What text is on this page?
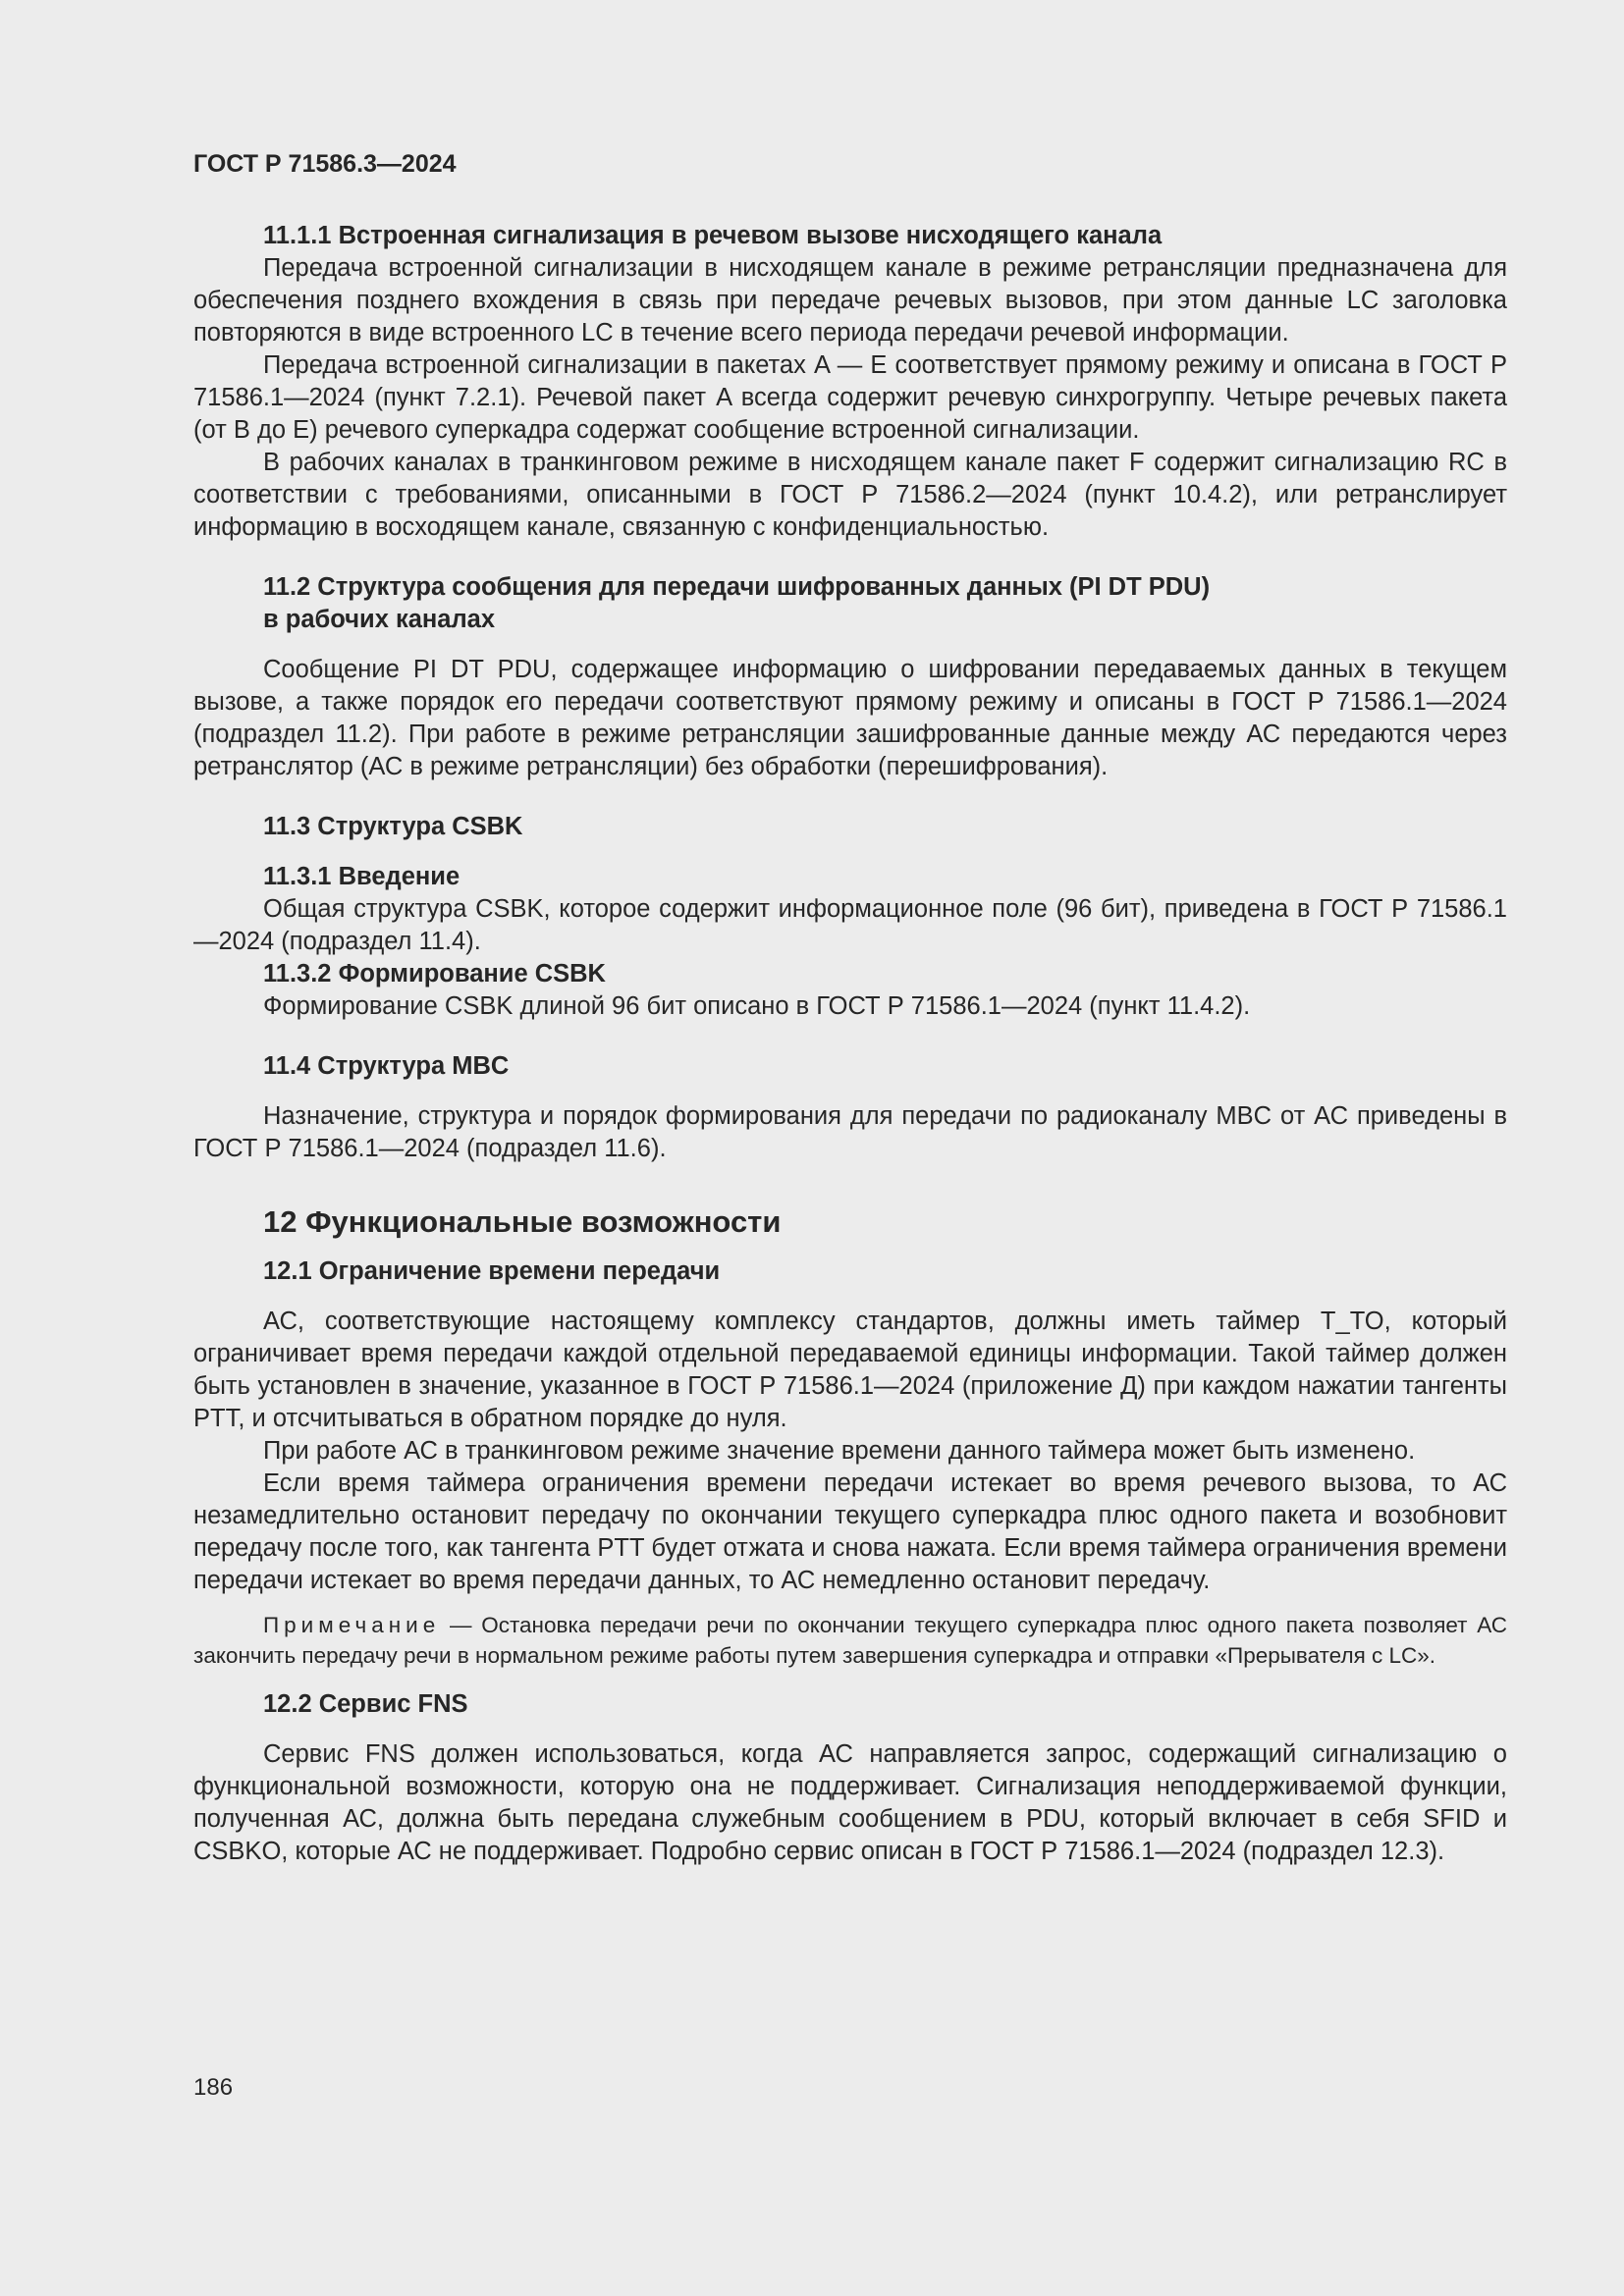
ГОСТ Р 71586.3—2024
11.1.1 Встроенная сигнализация в речевом вызове нисходящего канала

Передача встроенной сигнализации в нисходящем канале в режиме ретрансляции предназначена для обеспечения позднего вхождения в связь при передаче речевых вызовов, при этом данные LC заголовка повторяются в виде встроенного LC в течение всего периода передачи речевой информации.

Передача встроенной сигнализации в пакетах A — E соответствует прямому режиму и описана в ГОСТ Р 71586.1—2024 (пункт 7.2.1). Речевой пакет A всегда содержит речевую синхрогруппу. Четыре речевых пакета (от B до E) речевого суперкадра содержат сообщение встроенной сигнализации.

В рабочих каналах в транкинговом режиме в нисходящем канале пакет F содержит сигнализацию RC в соответствии с требованиями, описанными в ГОСТ Р 71586.2—2024 (пункт 10.4.2), или ретранслирует информацию в восходящем канале, связанную с конфиденциальностью.

11.2 Структура сообщения для передачи шифрованных данных (PI DT PDU)
в рабочих каналах

Сообщение PI DT PDU, содержащее информацию о шифровании передаваемых данных в текущем вызове, а также порядок его передачи соответствуют прямому режиму и описаны в ГОСТ Р 71586.1—2024 (подраздел 11.2). При работе в режиме ретрансляции зашифрованные данные между АС передаются через ретранслятор (АС в режиме ретрансляции) без обработки (перешифрования).

11.3 Структура CSBK
11.3.1 Введение

Общая структура CSBK, которое содержит информационное поле (96 бит), приведена в ГОСТ Р 71586.1—2024 (подраздел 11.4).

11.3.2 Формирование CSBK

Формирование CSBK длиной 96 бит описано в ГОСТ Р 71586.1—2024 (пункт 11.4.2).

11.4 Структура MBC

Назначение, структура и порядок формирования для передачи по радиоканалу MBC от АС приведены в ГОСТ Р 71586.1—2024 (подраздел 11.6).

12 Функциональные возможности
12.1 Ограничение времени передачи

АС, соответствующие настоящему комплексу стандартов, должны иметь таймер T_TO, который ограничивает время передачи каждой отдельной передаваемой единицы информации. Такой таймер должен быть установлен в значение, указанное в ГОСТ Р 71586.1—2024 (приложение Д) при каждом нажатии тангенты PTT, и отсчитываться в обратном порядке до нуля.

При работе АС в транкинговом режиме значение времени данного таймера может быть изменено.

Если время таймера ограничения времени передачи истекает во время речевого вызова, то АС незамедлительно остановит передачу по окончании текущего суперкадра плюс одного пакета и возобновит передачу после того, как тангента PTT будет отжата и снова нажата. Если время таймера ограничения времени передачи истекает во время передачи данных, то АС немедленно остановит передачу.

Примечание — Остановка передачи речи по окончании текущего суперкадра плюс одного пакета позволяет АС закончить передачу речи в нормальном режиме работы путем завершения суперкадра и отправки «Прерывателя с LC».

12.2 Сервис FNS

Сервис FNS должен использоваться, когда АС направляется запрос, содержащий сигнализацию о функциональной возможности, которую она не поддерживает. Сигнализация неподдерживаемой функции, полученная АС, должна быть передана служебным сообщением в PDU, который включает в себя SFID и CSBKO, которые АС не поддерживает. Подробно сервис описан в ГОСТ Р 71586.1—2024 (подраздел 12.3).

186
